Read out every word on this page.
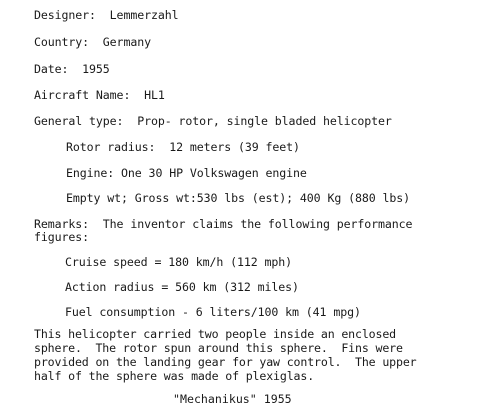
Designer:  Lemmerzahl
Country:  Germany
Date:  1955
Aircraft Name:  HL1
General type:  Prop- rotor, single bladed helicopter
Rotor radius:  12 meters (39 feet)
Engine: One 30 HP Volkswagen engine
Empty wt; Gross wt:530 lbs (est); 400 Kg (880 lbs)
Remarks:  The inventor claims the following performance
figures:
Cruise speed = 180 km/h (112 mph)
Action radius = 560 km (312 miles)
Fuel consumption - 6 liters/100 km (41 mpg)
This helicopter carried two people inside an enclosed
sphere.  The rotor spun around this sphere.  Fins were
provided on the landing gear for yaw control.  The upper
half of the sphere was made of plexiglas.
"Mechanikus" 1955
